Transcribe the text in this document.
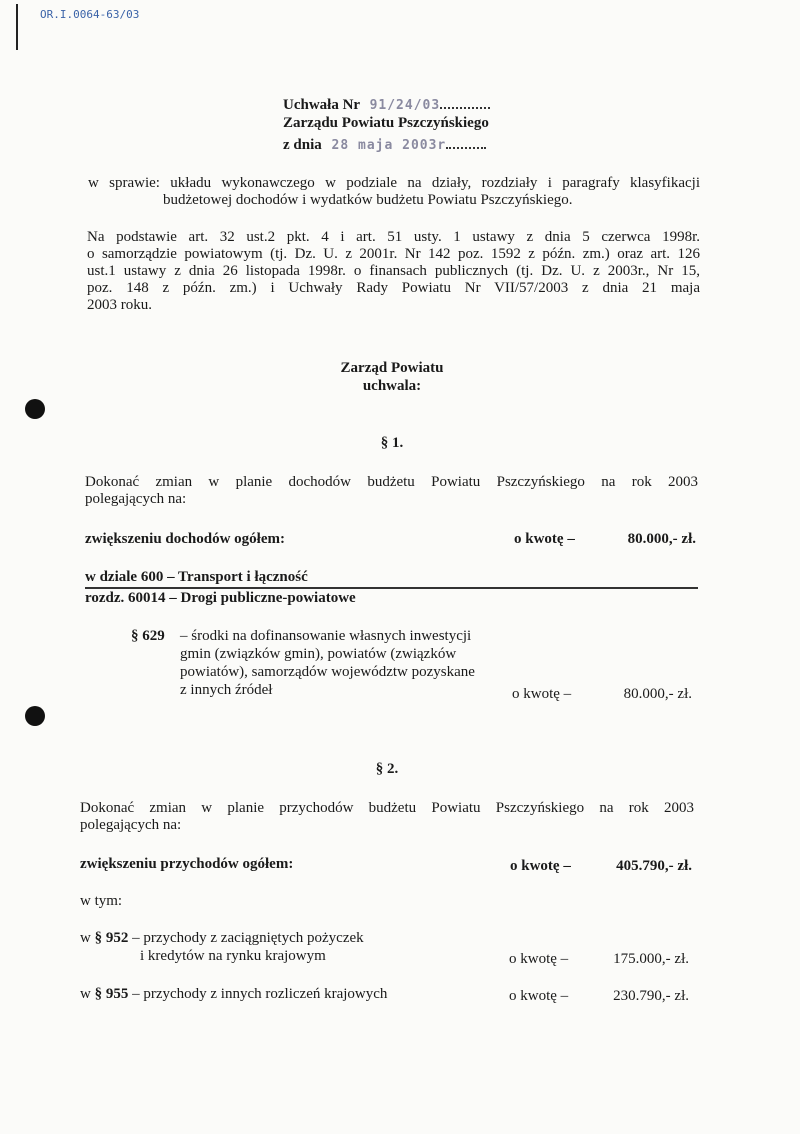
OR.I.0064-63/03
Uchwała Nr 91/24/03
Zarządu Powiatu Pszczyńskiego
z dnia 28 maja 2003r
w sprawie: układu wykonawczego w podziale na działy, rozdziały i paragrafy klasyfikacji
budżetowej dochodów i wydatków budżetu Powiatu Pszczyńskiego.
Na podstawie art. 32 ust.2 pkt. 4 i art. 51 usty. 1 ustawy z dnia 5 czerwca 1998r.
o samorządzie powiatowym (tj. Dz. U. z 2001r. Nr 142 poz. 1592 z późn. zm.) oraz art. 126
ust.1 ustawy z dnia 26 listopada 1998r. o finansach publicznych (tj. Dz. U. z 2003r., Nr 15,
poz. 148 z późn. zm.) i Uchwały Rady Powiatu Nr VII/57/2003 z dnia 21 maja
2003 roku.
Zarząd Powiatu
uchwala:
§ 1.
Dokonać zmian w planie dochodów budżetu Powiatu Pszczyńskiego na rok 2003
polegających na:
zwiększeniu dochodów ogółem:	o kwotę –	80.000,- zł.
w dziale 600 – Transport i łączność
rozdz. 60014 – Drogi publiczne-powiatowe
§ 629 – środki na dofinansowanie własnych inwestycji
gmin (związków gmin), powiatów (związków
powiatów), samorządów województw pozyskane
z innych źródeł	o kwotę –	80.000,- zł.
§ 2.
Dokonać zmian w planie przychodów budżetu Powiatu Pszczyńskiego na rok 2003
polegających na:
zwiększeniu przychodów ogółem:	o kwotę –	405.790,- zł.
w tym:
w § 952 – przychody z zaciągniętych pożyczek
i kredytów na rynku krajowym	o kwotę –	175.000,- zł.
w § 955 – przychody z innych rozliczeń krajowych	o kwotę –	230.790,- zł.
